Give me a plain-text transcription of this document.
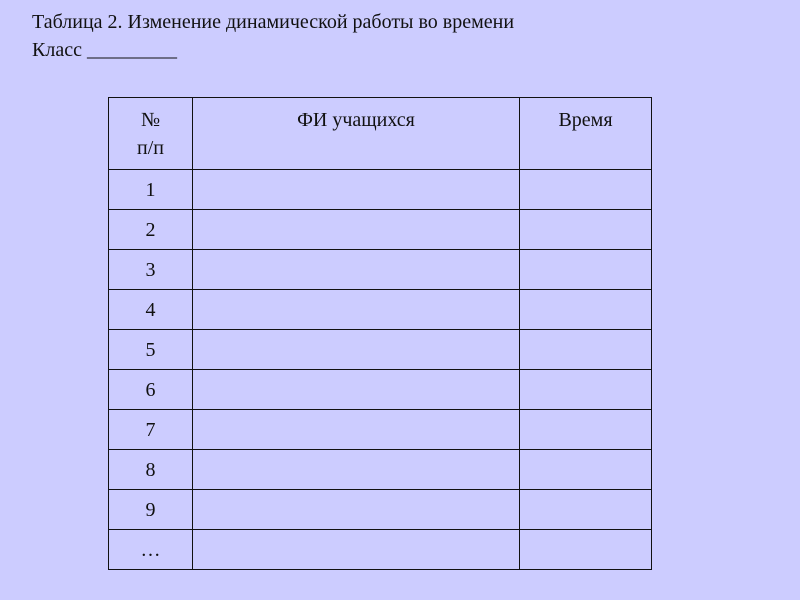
Таблица 2. Изменение динамической работы во времени
Класс _________
№
п/п	ФИ учащихся	Время
1		
2		
3		
4		
5		
6		
7		
8		
9		
…		
